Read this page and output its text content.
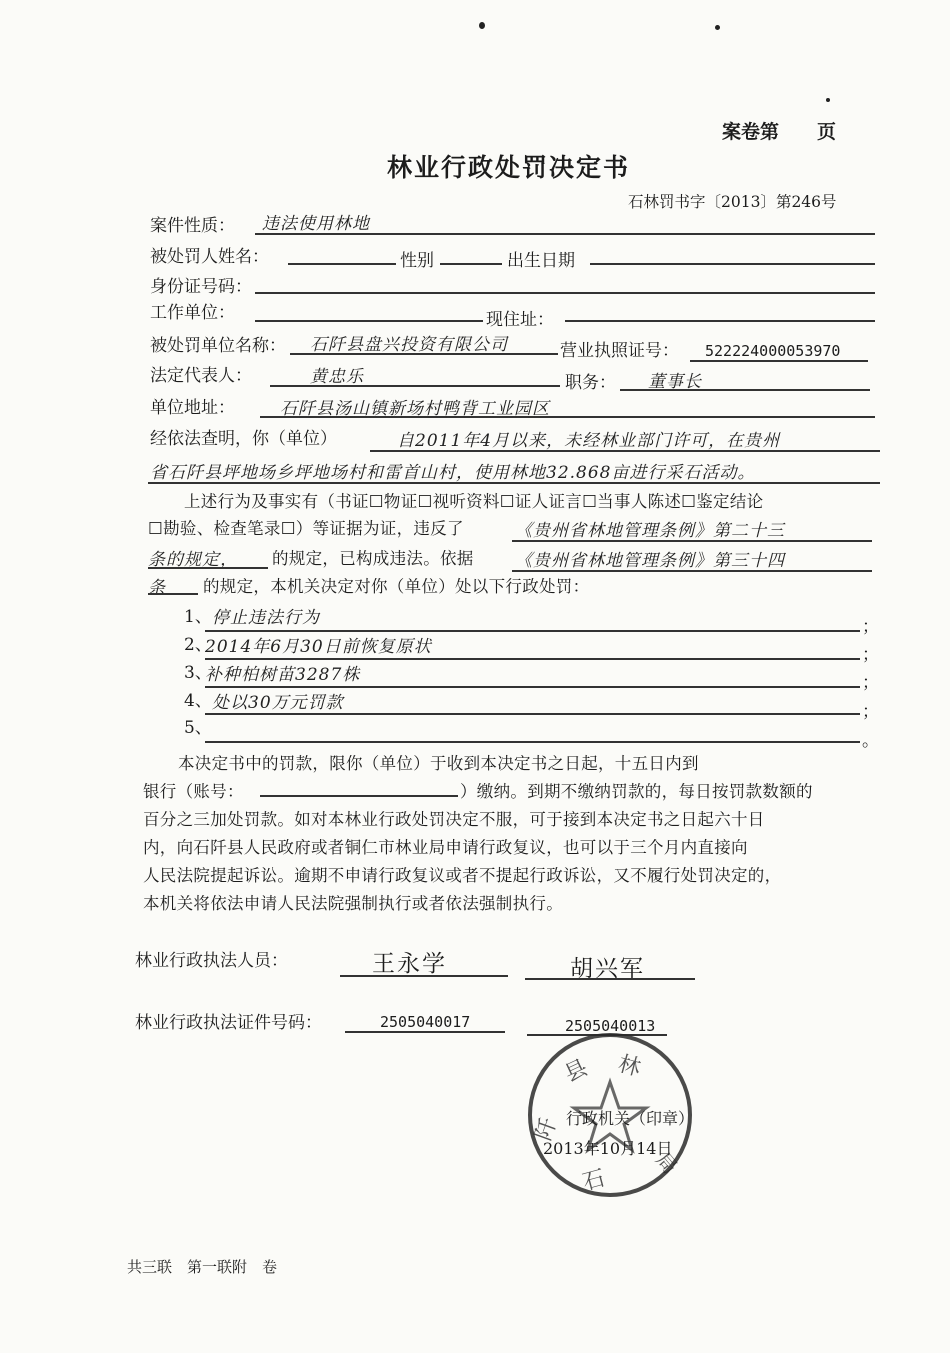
案卷第　　页
林业行政处罚决定书
石林罚书字〔2013〕第246号
案件性质： 违法使用林地
被处罚人姓名：	性别	出生日期
身份证号码：
工作单位：	现住址：
被处罚单位名称： 石阡县盘兴投资有限公司	营业执照证号： 522224000053970
法定代表人：	黄忠乐	职务： 董事长
单位地址：	石阡县汤山镇新场村鸭背工业园区
经依法查明，你（单位）	自2011年4月以来，未经林业部门许可，在贵州
省石阡县坪地场乡坪地场村和雷首山村，使用林地32.868亩进行采石活动。
上述行为及事实有（书证☐物证☐视听资料☐证人证言☐当事人陈述☐鉴定结论
☐勘验、检查笔录☐）等证据为证，违反了	《贵州省林地管理条例》第二十三
条的规定， 的规定，已构成违法。依据 《贵州省林地管理条例》第三十四
条 的规定，本机关决定对你（单位）处以下行政处罚：
1、 停止违法行为	；
2、
2014年6月30日前恢复原状	；
3、
补种柏树苗3287株	；
4、 处以30万元罚款	；
5、
。
本决定书中的罚款，限你（单位）于收到本决定书之日起，十五日内到
银行（账号：	）缴纳。到期不缴纳罚款的，每日按罚款数额的
百分之三加处罚款。如对本林业行政处罚决定不服，可于接到本决定书之日起六十日
内，向石阡县人民政府或者铜仁市林业局申请行政复议，也可以于三个月内直接向
人民法院提起诉讼。逾期不申请行政复议或者不提起行政诉讼，又不履行处罚决定的，
本机关将依法申请人民法院强制执行或者依法强制执行。
林业行政执法人员：	王永学	胡兴军
林业行政执法证件号码：	2505040017	2505040013
县 林
阡
石
局
行政机关（印章）
2013年10月14日
共三联　第一联附　卷
